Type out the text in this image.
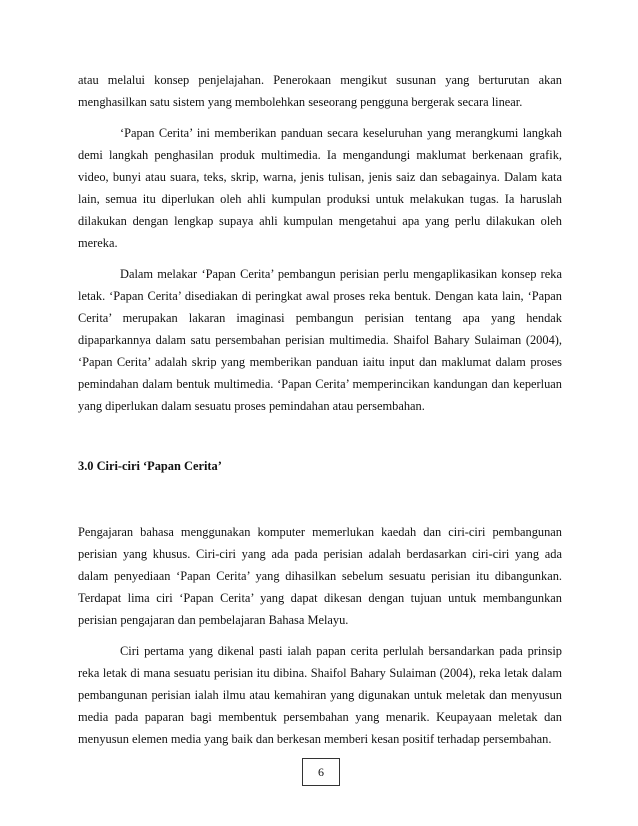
atau melalui konsep penjelajahan. Penerokaan mengikut susunan yang berturutan akan menghasilkan satu sistem yang membolehkan seseorang pengguna bergerak secara linear.

‘Papan Cerita’ ini memberikan panduan secara keseluruhan yang merangkumi langkah demi langkah penghasilan produk multimedia. Ia mengandungi maklumat berkenaan grafik, video, bunyi atau suara, teks, skrip, warna, jenis tulisan, jenis saiz dan sebagainya. Dalam kata lain, semua itu diperlukan oleh ahli kumpulan produksi untuk melakukan tugas. Ia haruslah dilakukan dengan lengkap supaya ahli kumpulan mengetahui apa yang perlu dilakukan oleh mereka.

Dalam melakar ‘Papan Cerita’ pembangun perisian perlu mengaplikasikan konsep reka letak. ‘Papan Cerita’ disediakan di peringkat awal proses reka bentuk. Dengan kata lain, ‘Papan Cerita’ merupakan lakaran imaginasi pembangun perisian tentang apa yang hendak dipaparkannya dalam satu persembahan perisian multimedia. Shaifol Bahary Sulaiman (2004), ‘Papan Cerita’ adalah skrip yang memberikan panduan iaitu input dan maklumat dalam proses pemindahan dalam bentuk multimedia. ‘Papan Cerita’ memperincikan kandungan dan keperluan yang diperlukan dalam sesuatu proses pemindahan atau persembahan.

3.0 Ciri-ciri ‘Papan Cerita’

Pengajaran bahasa menggunakan komputer memerlukan kaedah dan ciri-ciri pembangunan perisian yang khusus. Ciri-ciri yang ada pada perisian adalah berdasarkan ciri-ciri yang ada dalam penyediaan ‘Papan Cerita’ yang dihasilkan sebelum sesuatu perisian itu dibangunkan. Terdapat lima ciri ‘Papan Cerita’ yang dapat dikesan dengan tujuan untuk membangunkan perisian pengajaran dan pembelajaran Bahasa Melayu.

Ciri pertama yang dikenal pasti ialah papan cerita perlulah bersandarkan pada prinsip reka letak di mana sesuatu perisian itu dibina. Shaifol Bahary Sulaiman (2004), reka letak dalam pembangunan perisian ialah ilmu atau kemahiran yang digunakan untuk meletak dan menyusun media pada paparan bagi membentuk persembahan yang menarik. Keupayaan meletak dan menyusun elemen media yang baik dan berkesan memberi kesan positif terhadap persembahan.

6
